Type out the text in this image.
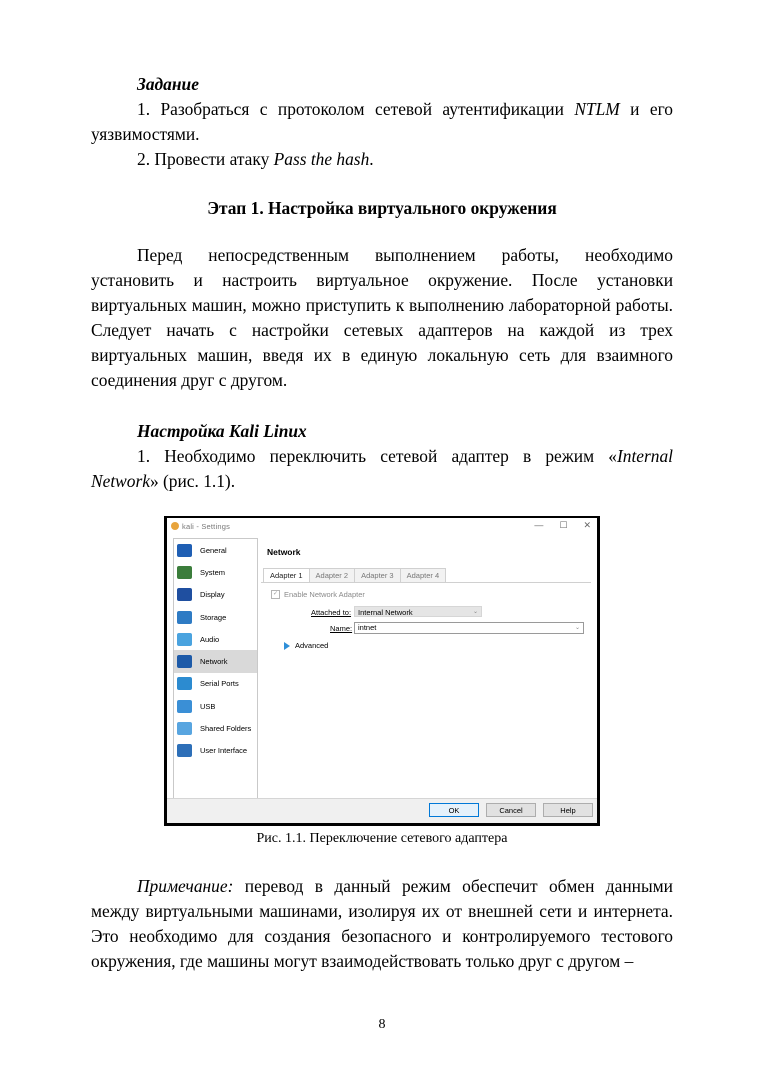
Задание

1. Разобраться с протоколом сетевой аутентификации NTLM и его уязвимостями.

2. Провести атаку Pass the hash.

Этап 1. Настройка виртуального окружения

Перед непосредственным выполнением работы, необходимо установить и настроить виртуальное окружение. После установки виртуальных машин, можно приступить к выполнению лабораторной работы. Следует начать с настройки сетевых адаптеров на каждой из трех виртуальных машин, введя их в единую локальную сеть для взаимного соединения друг с другом.

Настройка Kali Linux

1. Необходимо переключить сетевой адаптер в режим «Internal Network» (рис. 1.1).

kali - Settings	— ☐ ✕
General
System
Display
Storage
Audio
Network
Serial Ports
USB
Shared Folders
User Interface
Network
Adapter 1	Adapter 2	Adapter 3	Adapter 4
✓ Enable Network Adapter
Attached to: Internal Network	⌄
Name: intnet	⌄
Advanced
OK	Cancel	Help
Рис. 1.1. Переключение сетевого адаптера

Примечание: перевод в данный режим обеспечит обмен данными между виртуальными машинами, изолируя их от внешней сети и интернета. Это необходимо для создания безопасного и контролируемого тестового окружения, где машины могут взаимодействовать только друг с другом –

8
